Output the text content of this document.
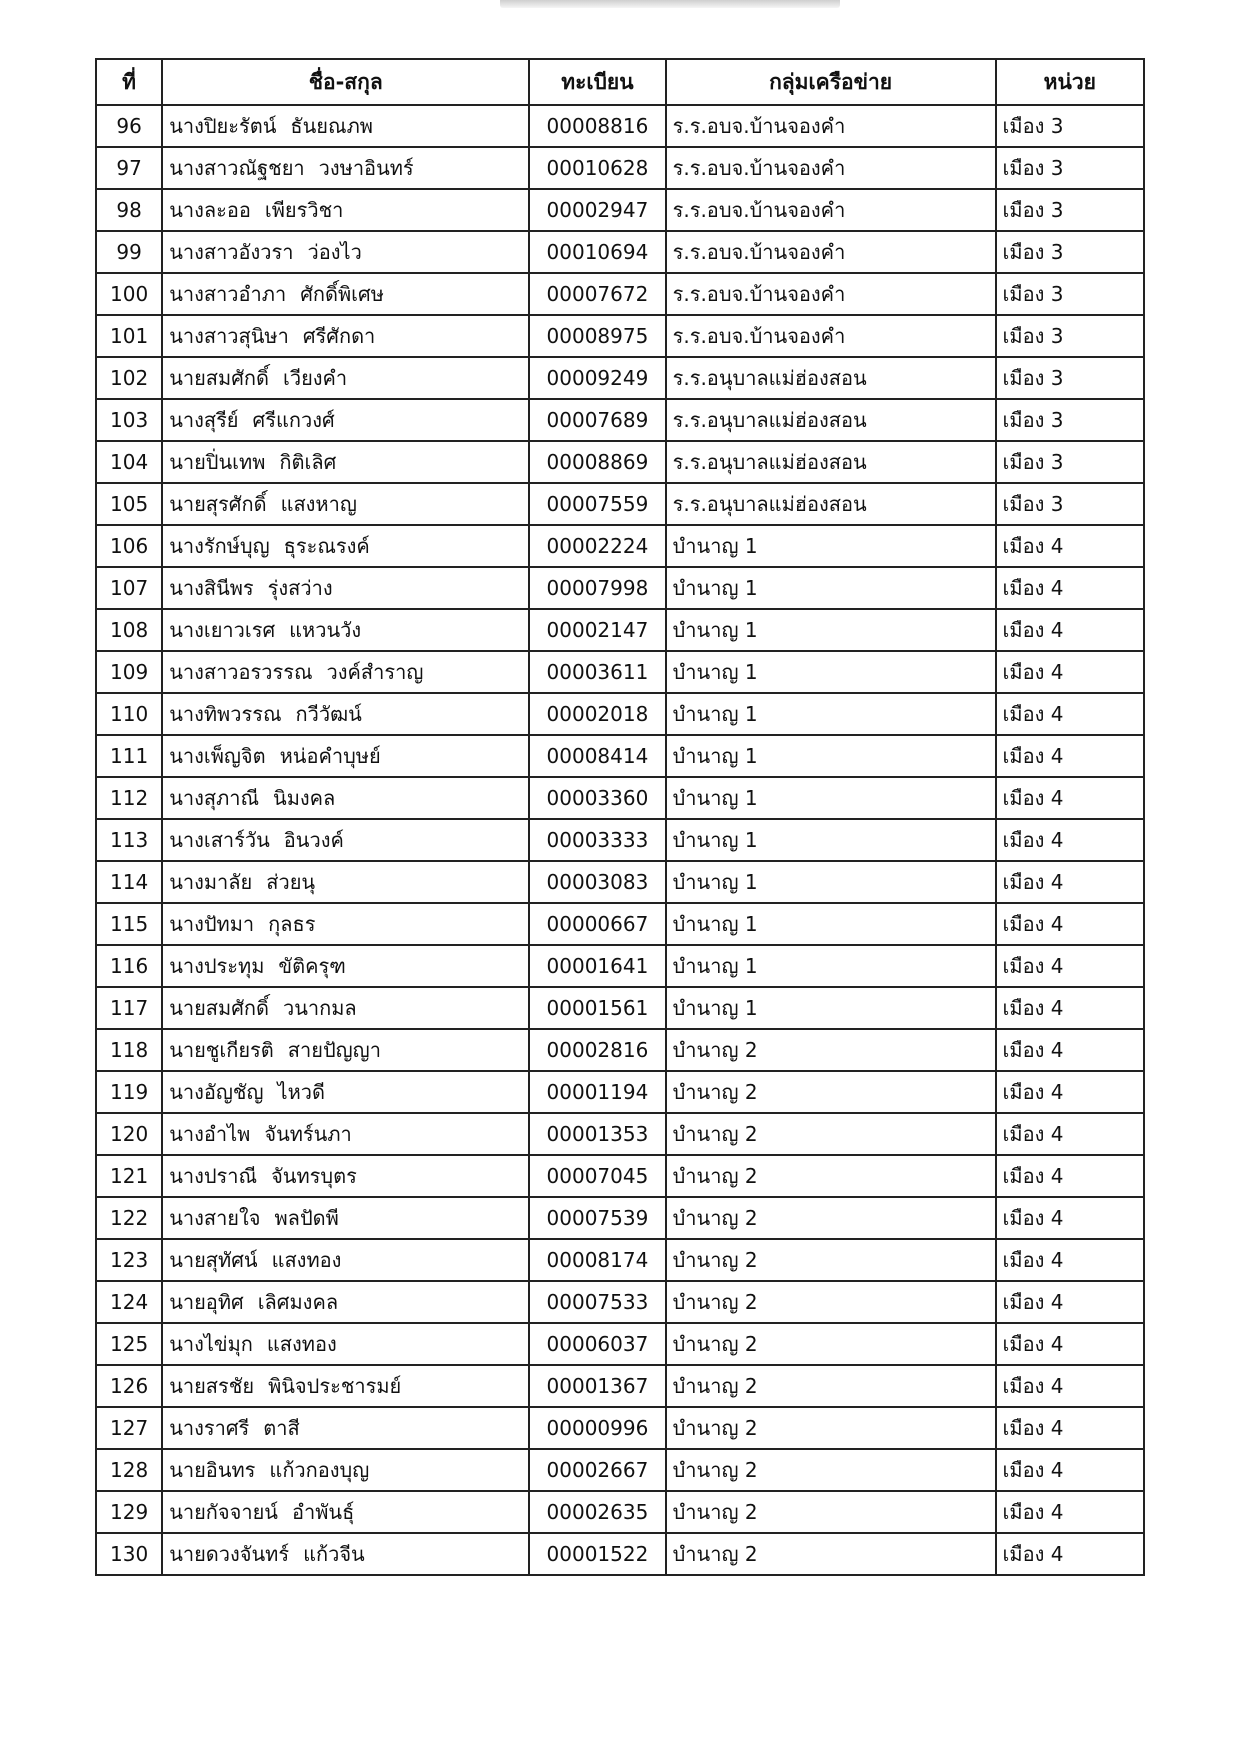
ที่	ชื่อ-สกุล	ทะเบียน	กลุ่มเครือข่าย	หน่วย
96	นางปิยะรัตน์ ธันยณภพ	00008816	ร.ร.อบจ.บ้านจองคำ	เมือง 3
97	นางสาวณัฐชยา วงษาอินทร์	00010628	ร.ร.อบจ.บ้านจองคำ	เมือง 3
98	นางละออ เพียรวิชา	00002947	ร.ร.อบจ.บ้านจองคำ	เมือง 3
99	นางสาวอังวรา ว่องไว	00010694	ร.ร.อบจ.บ้านจองคำ	เมือง 3
100	นางสาวอำภา ศักดิ์พิเศษ	00007672	ร.ร.อบจ.บ้านจองคำ	เมือง 3
101	นางสาวสุนิษา ศรีศักดา	00008975	ร.ร.อบจ.บ้านจองคำ	เมือง 3
102	นายสมศักดิ์ เวียงคำ	00009249	ร.ร.อนุบาลแม่ฮ่องสอน	เมือง 3
103	นางสุรีย์ ศรีแกวงศ์	00007689	ร.ร.อนุบาลแม่ฮ่องสอน	เมือง 3
104	นายปิ่นเทพ กิติเลิศ	00008869	ร.ร.อนุบาลแม่ฮ่องสอน	เมือง 3
105	นายสุรศักดิ์ แสงหาญ	00007559	ร.ร.อนุบาลแม่ฮ่องสอน	เมือง 3
106	นางรักษ์บุญ ธุระณรงค์	00002224	บำนาญ 1	เมือง 4
107	นางสินีพร รุ่งสว่าง	00007998	บำนาญ 1	เมือง 4
108	นางเยาวเรศ แหวนวัง	00002147	บำนาญ 1	เมือง 4
109	นางสาวอรวรรณ วงค์สำราญ	00003611	บำนาญ 1	เมือง 4
110	นางทิพวรรณ กวีวัฒน์	00002018	บำนาญ 1	เมือง 4
111	นางเพ็ญจิต หน่อคำบุษย์	00008414	บำนาญ 1	เมือง 4
112	นางสุภาณี นิมงคล	00003360	บำนาญ 1	เมือง 4
113	นางเสาร์วัน อินวงค์	00003333	บำนาญ 1	เมือง 4
114	นางมาลัย ส่วยนุ	00003083	บำนาญ 1	เมือง 4
115	นางปัทมา กุลธร	00000667	บำนาญ 1	เมือง 4
116	นางประทุม ขัติครุฑ	00001641	บำนาญ 1	เมือง 4
117	นายสมศักดิ์ วนากมล	00001561	บำนาญ 1	เมือง 4
118	นายชูเกียรติ สายปัญญา	00002816	บำนาญ 2	เมือง 4
119	นางอัญชัญ ไหวดี	00001194	บำนาญ 2	เมือง 4
120	นางอำไพ จันทร์นภา	00001353	บำนาญ 2	เมือง 4
121	นางปราณี จันทรบุตร	00007045	บำนาญ 2	เมือง 4
122	นางสายใจ พลปัดพี	00007539	บำนาญ 2	เมือง 4
123	นายสุทัศน์ แสงทอง	00008174	บำนาญ 2	เมือง 4
124	นายอุทิศ เลิศมงคล	00007533	บำนาญ 2	เมือง 4
125	นางไข่มุก แสงทอง	00006037	บำนาญ 2	เมือง 4
126	นายสรชัย พินิจประชารมย์	00001367	บำนาญ 2	เมือง 4
127	นางราศรี ตาสี	00000996	บำนาญ 2	เมือง 4
128	นายอินทร แก้วกองบุญ	00002667	บำนาญ 2	เมือง 4
129	นายกัจจายน์ อำพันธุ์	00002635	บำนาญ 2	เมือง 4
130	นายดวงจันทร์ แก้วจีน	00001522	บำนาญ 2	เมือง 4
